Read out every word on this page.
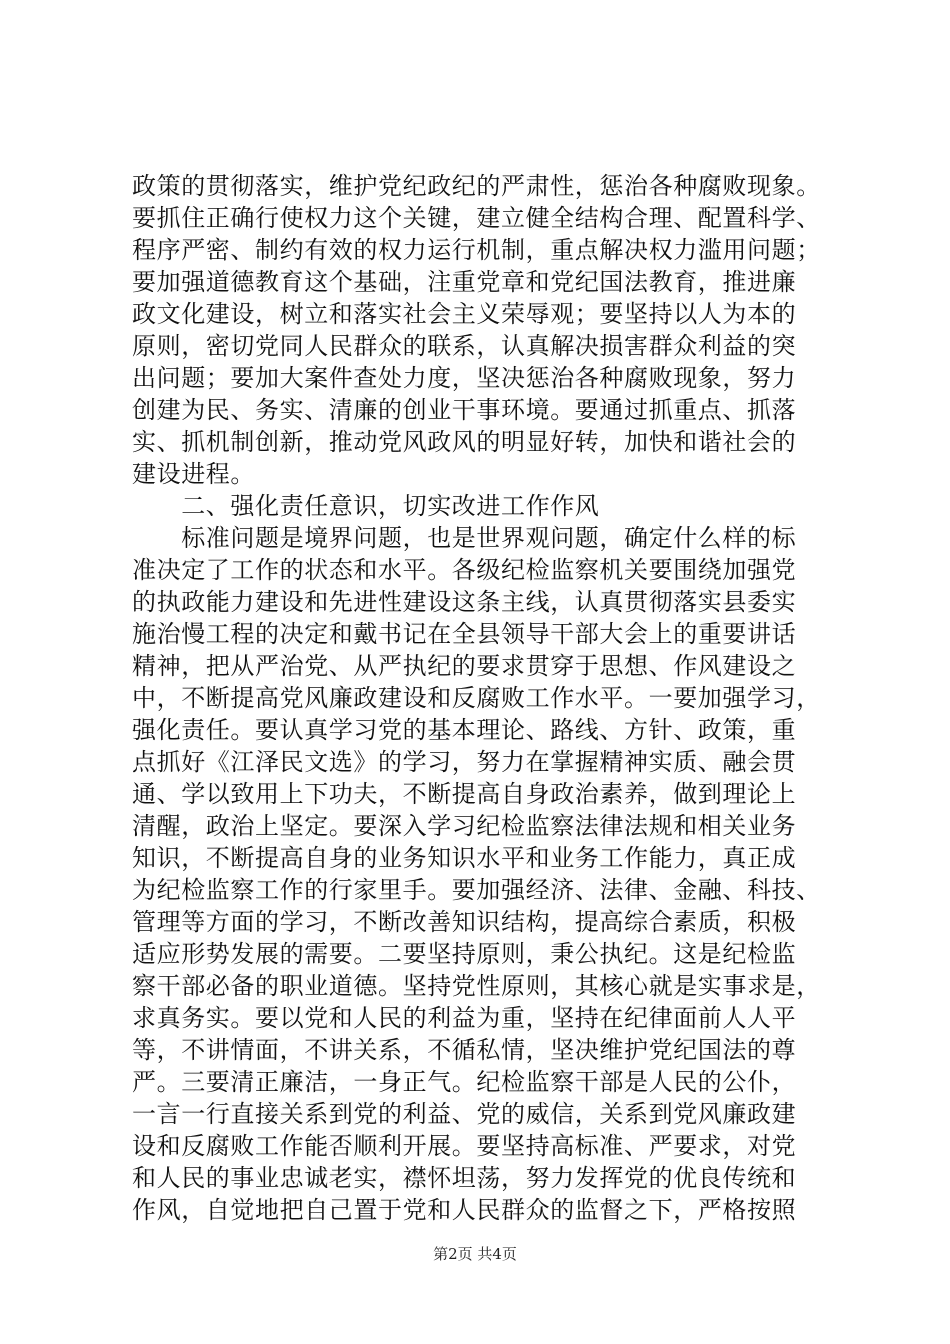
政策的贯彻落实，维护党纪政纪的严肃性，惩治各种腐败现象。
要抓住正确行使权力这个关键，建立健全结构合理、配置科学、
程序严密、制约有效的权力运行机制，重点解决权力滥用问题；
要加强道德教育这个基础，注重党章和党纪国法教育，推进廉
政文化建设，树立和落实社会主义荣辱观；要坚持以人为本的
原则，密切党同人民群众的联系，认真解决损害群众利益的突
出问题；要加大案件查处力度，坚决惩治各种腐败现象，努力
创建为民、务实、清廉的创业干事环境。要通过抓重点、抓落
实、抓机制创新，推动党风政风的明显好转，加快和谐社会的
建设进程。
　　二、强化责任意识，切实改进工作作风
　　标准问题是境界问题，也是世界观问题，确定什么样的标
准决定了工作的状态和水平。各级纪检监察机关要围绕加强党
的执政能力建设和先进性建设这条主线，认真贯彻落实县委实
施治慢工程的决定和戴书记在全县领导干部大会上的重要讲话
精神，把从严治党、从严执纪的要求贯穿于思想、作风建设之
中，不断提高党风廉政建设和反腐败工作水平。一要加强学习，
强化责任。要认真学习党的基本理论、路线、方针、政策，重
点抓好《江泽民文选》的学习，努力在掌握精神实质、融会贯
通、学以致用上下功夫，不断提高自身政治素养，做到理论上
清醒，政治上坚定。要深入学习纪检监察法律法规和相关业务
知识，不断提高自身的业务知识水平和业务工作能力，真正成
为纪检监察工作的行家里手。要加强经济、法律、金融、科技、
管理等方面的学习，不断改善知识结构，提高综合素质，积极
适应形势发展的需要。二要坚持原则，秉公执纪。这是纪检监
察干部必备的职业道德。坚持党性原则，其核心就是实事求是，
求真务实。要以党和人民的利益为重，坚持在纪律面前人人平
等，不讲情面，不讲关系，不循私情，坚决维护党纪国法的尊
严。三要清正廉洁，一身正气。纪检监察干部是人民的公仆，
一言一行直接关系到党的利益、党的威信，关系到党风廉政建
设和反腐败工作能否顺利开展。要坚持高标准、严要求，对党
和人民的事业忠诚老实，襟怀坦荡，努力发挥党的优良传统和
作风，自觉地把自己置于党和人民群众的监督之下，严格按照
第2页 共4页
